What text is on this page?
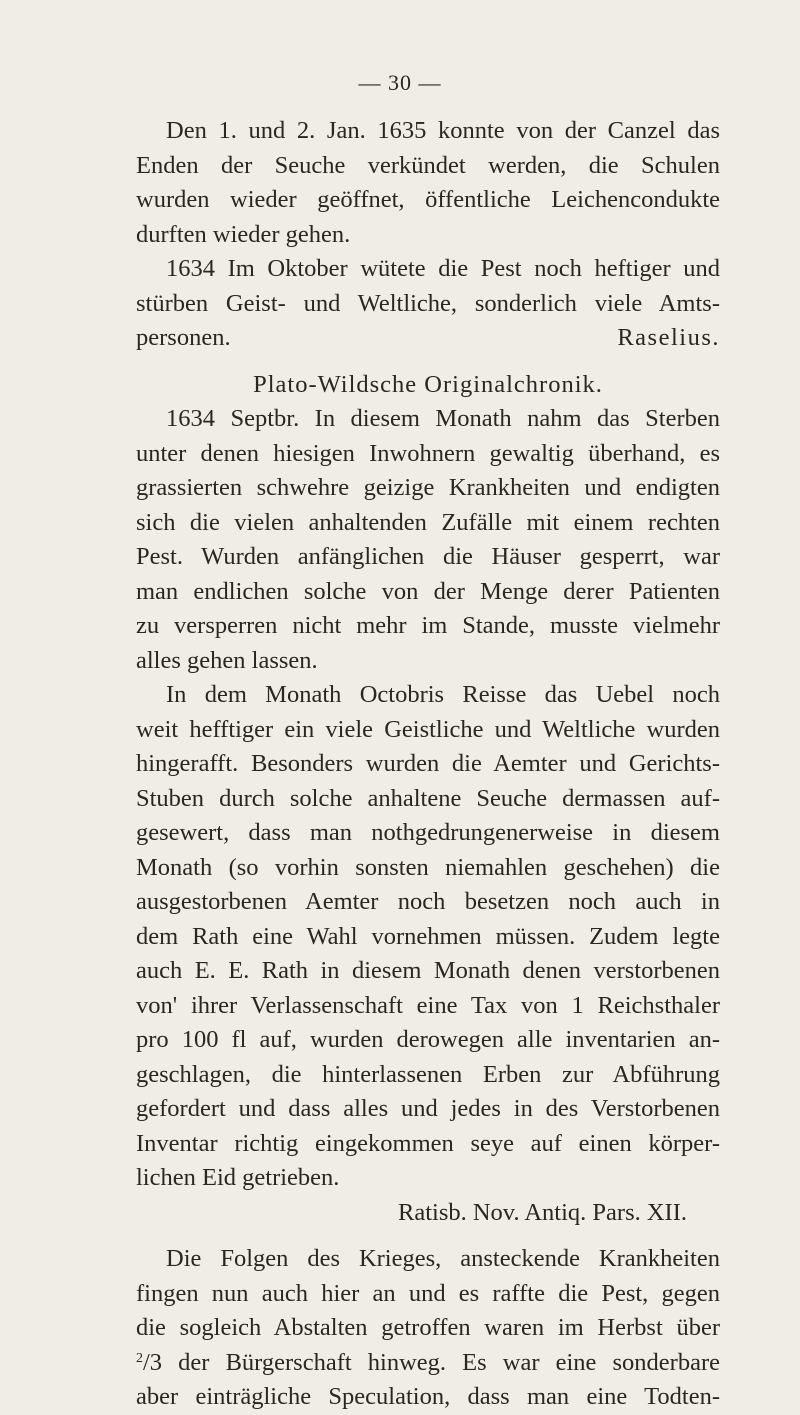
— 30 —
Den 1. und 2. Jan. 1635 konnte von der Canzel das
Enden der Seuche verkündet werden, die Schulen
wurden wieder geöffnet, öffentliche Leichencondukte
durften wieder gehen.
1634 Im Oktober wütete die Pest noch heftiger und
stürben Geist- und Weltliche, sonderlich viele Amts-
personen.	Raselius.
Plato-Wildsche Originalchronik.
1634 Septbr. In diesem Monath nahm das Sterben
unter denen hiesigen Inwohnern gewaltig überhand, es
grassierten schwehre geizige Krankheiten und endigten
sich die vielen anhaltenden Zufälle mit einem rechten
Pest. Wurden anfänglichen die Häuser gesperrt, war
man endlichen solche von der Menge derer Patienten
zu versperren nicht mehr im Stande, musste vielmehr
alles gehen lassen.
In dem Monath Octobris Reisse das Uebel noch
weit hefftiger ein viele Geistliche und Weltliche wurden
hingerafft. Besonders wurden die Aemter und Gerichts-
Stuben durch solche anhaltene Seuche dermassen auf-
gesewert, dass man nothgedrungenerweise in diesem
Monath (so vorhin sonsten niemahlen geschehen) die
ausgestorbenen Aemter noch besetzen noch auch in
dem Rath eine Wahl vornehmen müssen. Zudem legte
auch E. E. Rath in diesem Monath denen verstorbenen
von' ihrer Verlassenschaft eine Tax von 1 Reichsthaler
pro 100 fl auf, wurden derowegen alle inventarien an-
geschlagen, die hinterlassenen Erben zur Abführung
gefordert und dass alles und jedes in des Verstorbenen
Inventar richtig eingekommen seye auf einen körper-
lichen Eid getrieben.
Ratisb. Nov. Antiq. Pars. XII.
Die Folgen des Krieges, ansteckende Krankheiten
fingen nun auch hier an und es raffte die Pest, gegen
die sogleich Abstalten getroffen waren im Herbst über
$^2$/3 der Bürgerschaft hinweg. Es war eine sonderbare
aber einträgliche Speculation, dass man eine Todten-
